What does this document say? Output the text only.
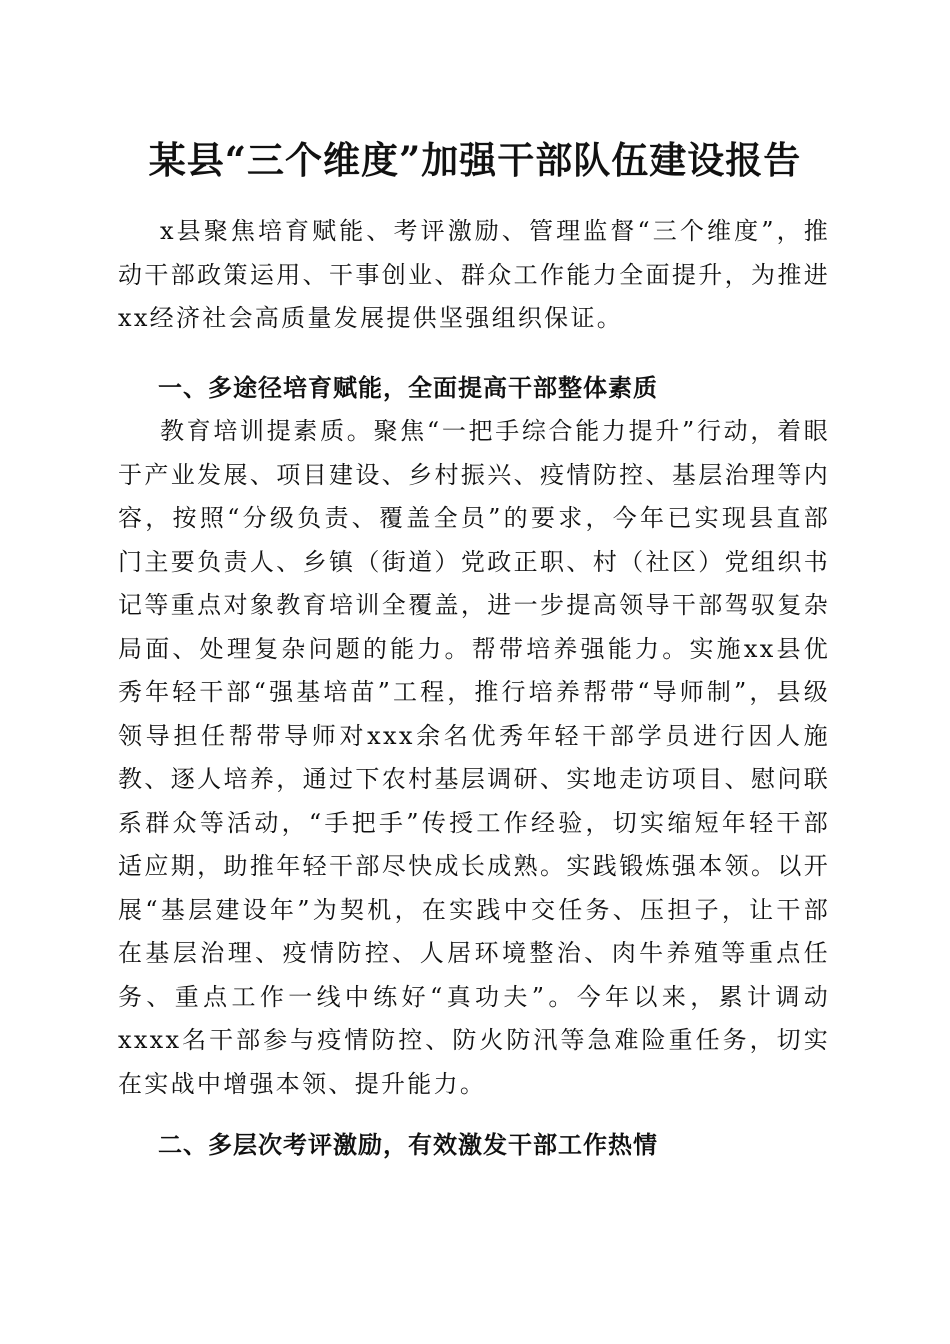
某县“三个维度”加强干部队伍建设报告

x县聚焦培育赋能、考评激励、管理监督“三个维度”，推动干部政策运用、干事创业、群众工作能力全面提升，为推进xx经济社会高质量发展提供坚强组织保证。

一、多途径培育赋能，全面提高干部整体素质

教育培训提素质。聚焦“一把手综合能力提升”行动，着眼于产业发展、项目建设、乡村振兴、疫情防控、基层治理等内容，按照“分级负责、覆盖全员”的要求，今年已实现县直部门主要负责人、乡镇（街道）党政正职、村（社区）党组织书记等重点对象教育培训全覆盖，进一步提高领导干部驾驭复杂局面、处理复杂问题的能力。帮带培养强能力。实施xx县优秀年轻干部“强基培苗”工程，推行培养帮带“导师制”，县级领导担任帮带导师对xxx余名优秀年轻干部学员进行因人施教、逐人培养，通过下农村基层调研、实地走访项目、慰问联系群众等活动，“手把手”传授工作经验，切实缩短年轻干部适应期，助推年轻干部尽快成长成熟。实践锻炼强本领。以开展“基层建设年”为契机，在实践中交任务、压担子，让干部在基层治理、疫情防控、人居环境整治、肉牛养殖等重点任务、重点工作一线中练好“真功夫”。今年以来，累计调动xxxx名干部参与疫情防控、防火防汛等急难险重任务，切实在实战中增强本领、提升能力。

二、多层次考评激励，有效激发干部工作热情
